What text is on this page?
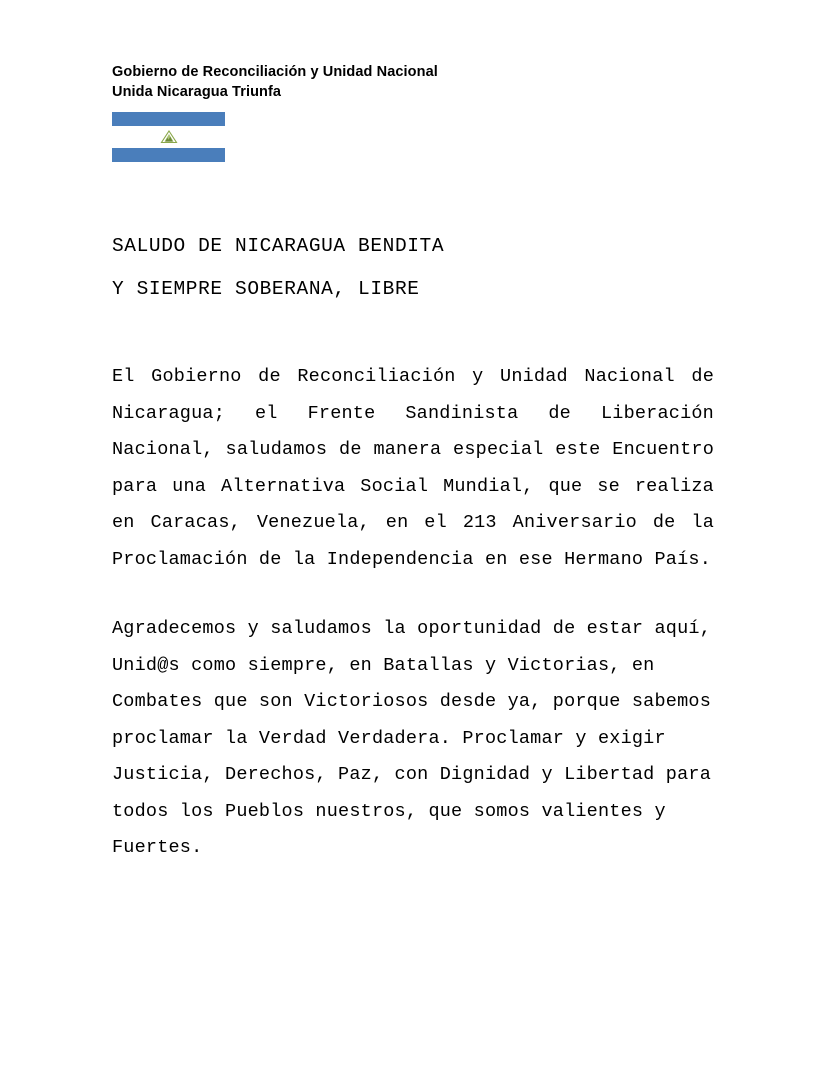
Gobierno de Reconciliación y Unidad Nacional
Unida Nicaragua Triunfa
SALUDO DE NICARAGUA BENDITA
Y SIEMPRE SOBERANA, LIBRE

El Gobierno de Reconciliación y Unidad Nacional de Nicaragua; el Frente Sandinista de Liberación Nacional, saludamos de manera especial este Encuentro para una Alternativa Social Mundial, que se realiza en Caracas, Venezuela, en el 213 Aniversario de la Proclamación de la Independencia en ese Hermano País.

Agradecemos y saludamos la oportunidad de estar aquí, Unid@s como siempre, en Batallas y Victorias, en Combates que son Victoriosos desde ya, porque sabemos proclamar la Verdad Verdadera. Proclamar y exigir Justicia, Derechos, Paz, con Dignidad y Libertad para todos los Pueblos nuestros, que somos valientes y Fuertes.
